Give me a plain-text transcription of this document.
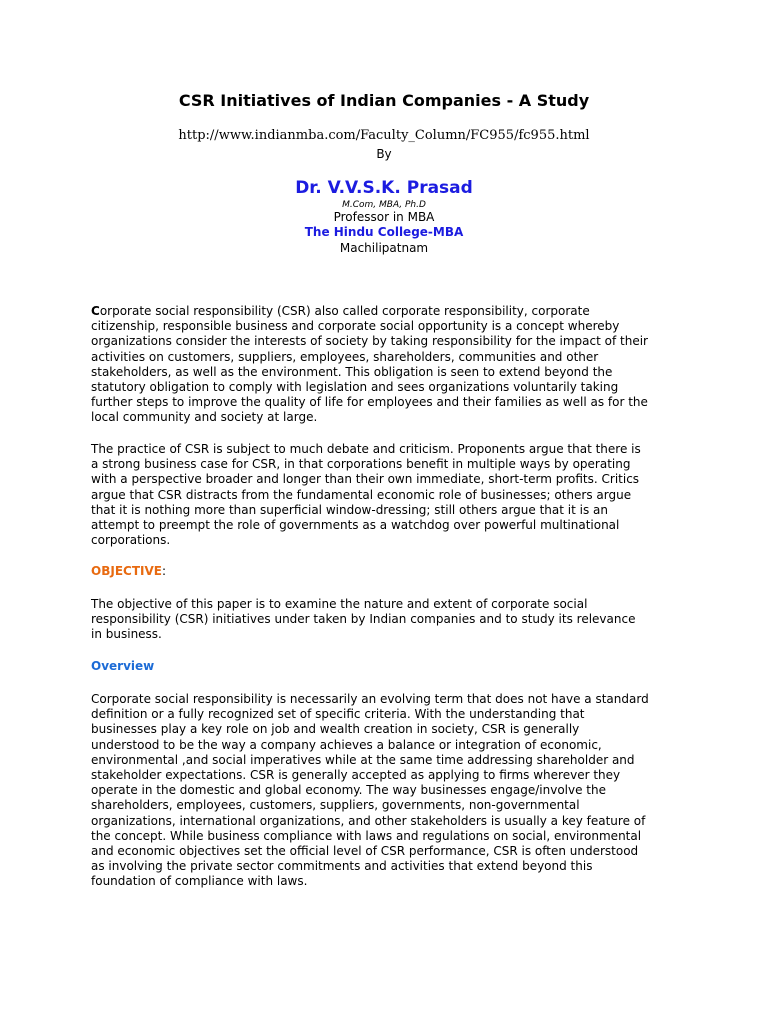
CSR Initiatives of Indian Companies - A Study
http://www.indianmba.com/Faculty_Column/FC955/fc955.html
By
Dr. V.V.S.K. Prasad
M.Com, MBA, Ph.D
Professor in MBA
The Hindu College-MBA
Machilipatnam

Corporate social responsibility (CSR) also called corporate responsibility, corporate
citizenship, responsible business and corporate social opportunity is a concept whereby
organizations consider the interests of society by taking responsibility for the impact of their
activities on customers, suppliers, employees, shareholders, communities and other
stakeholders, as well as the environment. This obligation is seen to extend beyond the
statutory obligation to comply with legislation and sees organizations voluntarily taking
further steps to improve the quality of life for employees and their families as well as for the
local community and society at large.

The practice of CSR is subject to much debate and criticism. Proponents argue that there is
a strong business case for CSR, in that corporations benefit in multiple ways by operating
with a perspective broader and longer than their own immediate, short-term profits. Critics
argue that CSR distracts from the fundamental economic role of businesses; others argue
that it is nothing more than superficial window-dressing; still others argue that it is an
attempt to preempt the role of governments as a watchdog over powerful multinational
corporations.

OBJECTIVE:

The objective of this paper is to examine the nature and extent of corporate social
responsibility (CSR) initiatives under taken by Indian companies and to study its relevance
in business.

Overview

Corporate social responsibility is necessarily an evolving term that does not have a standard
definition or a fully recognized set of specific criteria. With the understanding that
businesses play a key role on job and wealth creation in society, CSR is generally
understood to be the way a company achieves a balance or integration of economic,
environmental ,and social imperatives while at the same time addressing shareholder and
stakeholder expectations. CSR is generally accepted as applying to firms wherever they
operate in the domestic and global economy. The way businesses engage/involve the
shareholders, employees, customers, suppliers, governments, non-governmental
organizations, international organizations, and other stakeholders is usually a key feature of
the concept. While business compliance with laws and regulations on social, environmental
and economic objectives set the official level of CSR performance, CSR is often understood
as involving the private sector commitments and activities that extend beyond this
foundation of compliance with laws.
